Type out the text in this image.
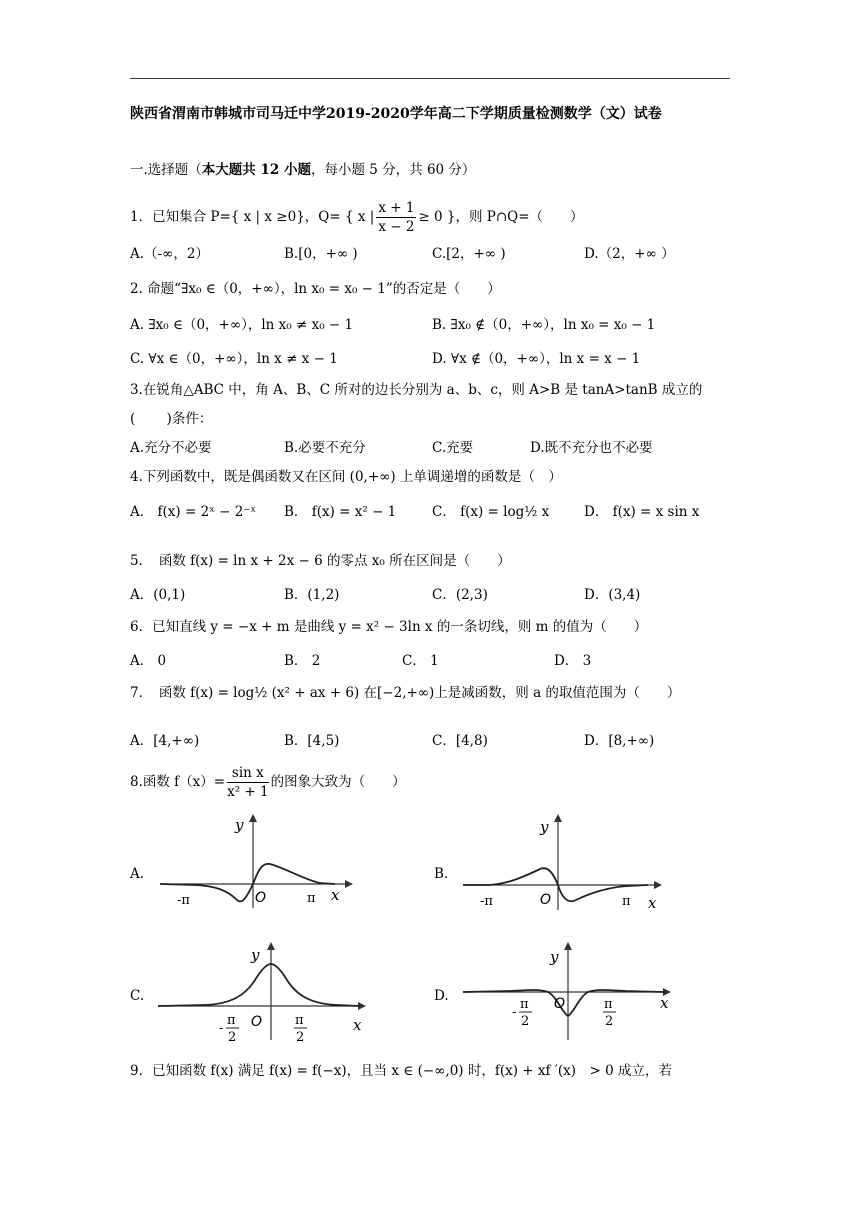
陕西省渭南市韩城市司马迁中学2019-2020学年高二下学期质量检测数学（文）试卷
一.选择题（本大题共 12 小题，每小题 5 分，共 60 分）
1．已知集合 P={ x | x ≥0}，Q= { x | $\frac{x + 1}{x - 2} \ge 0$ }，则 P∩Q=（　　）
A.（-∞，2）	B.[0，+∞ )	C.[2，+∞ )	D.（2，+∞ ）
2. 命题“∃x₀ ∈（0，+∞），ln x₀ = x₀ − 1”的否定是（　　）
A. ∃x₀ ∈（0，+∞），ln x₀ ≠ x₀ − 1	B. ∃x₀ ∉（0，+∞），ln x₀ = x₀ − 1
C. ∀x ∈（0，+∞），ln x ≠ x − 1	D. ∀x ∉（0，+∞），ln x = x − 1
3.在锐角△ABC 中，角 A、B、C 所对的边长分别为 a、b、c，则 A>B 是 tanA>tanB 成立的
(　　 )条件：
A.充分不必要	B.必要不充分	C.充要	D.既不充分也不必要
4.下列函数中，既是偶函数又在区间 (0,+∞) 上单调递增的函数是（　）
A． f(x) = 2ˣ − 2⁻ˣ B． f(x) = x² − 1	C． f(x) = log½ x	D． f(x) = x sin x
5．　函数 f(x) = ln x + 2x − 6 的零点 x₀ 所在区间是（　　）
A．(0,1)	B．(1,2)	C．(2,3)	D．(3,4)
6．已知直线 y = −x + m 是曲线 y = x² − 3ln x 的一条切线，则 m 的值为（　　）
A． 0	B． 2	C． 1	D． 3
7．　函数 f(x) = log½ (x² + ax + 6) 在[−2,+∞)上是减函数，则 a 的取值范围为（　　）
A．[4,+∞)	B．[4,5)	C．[4,8)	D．[8,+∞)
8.函数 $f(x)= \frac{\text{sin x}}{\text{x² + 1}}$ 的图象大致为（　　）
A.
y
x
O
-π	π
B.
y
x
O
-π	π
C.
y
x
O
-
π
2
π
2
D.
y
x
O
-
π
2
π
2
9．已知函数 f(x) 满足 f(x) = f(−x)，且当 x ∈ (−∞,0) 时，f(x) + xf ′(x)　> 0 成立，若
